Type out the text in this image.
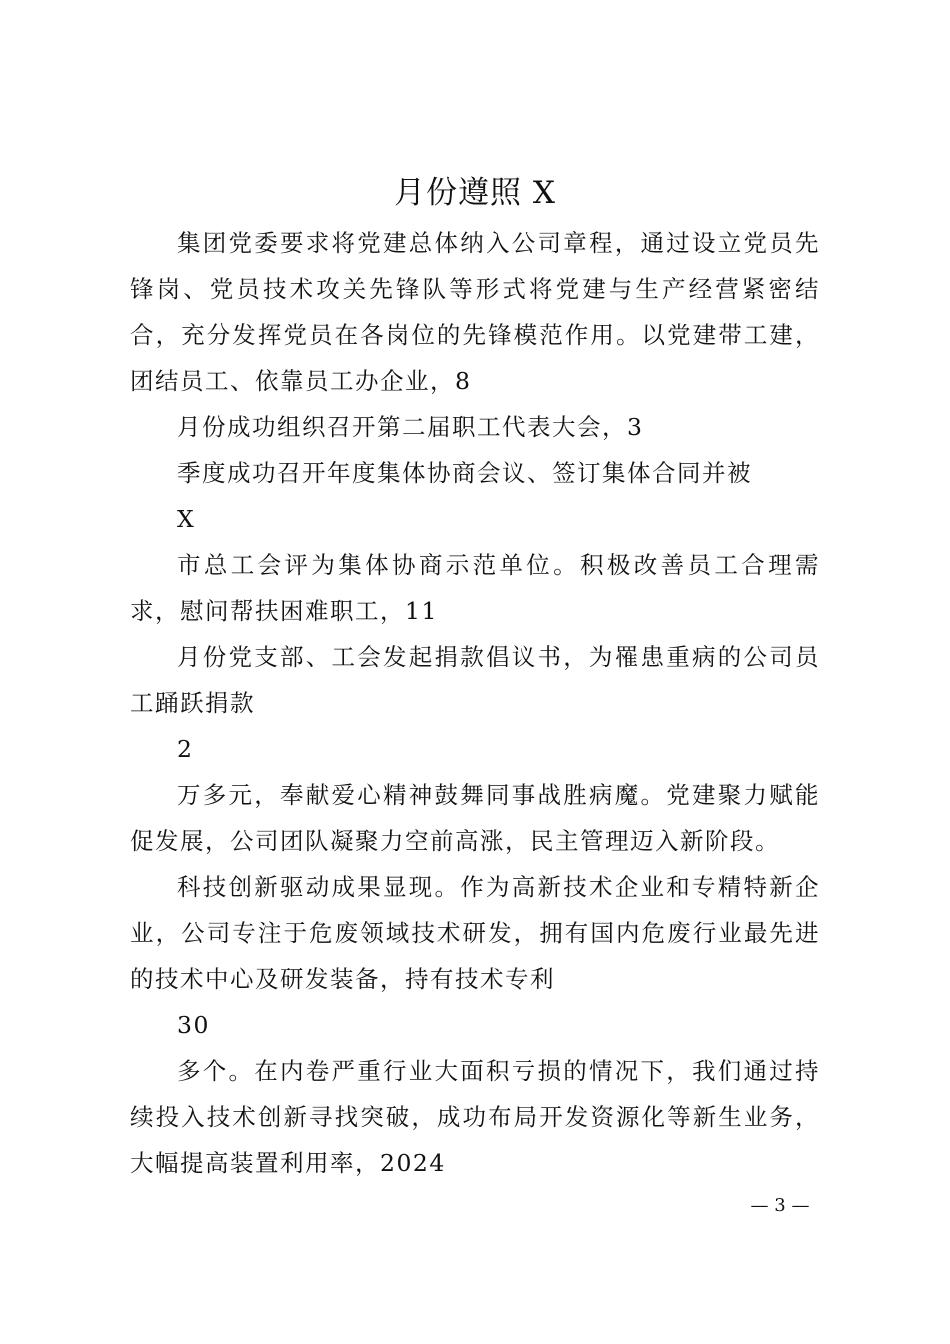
月份遵照 X

集团党委要求将党建总体纳入公司章程，通过设立党员先锋岗、党员技术攻关先锋队等形式将党建与生产经营紧密结合，充分发挥党员在各岗位的先锋模范作用。以党建带工建，团结员工、依靠员工办企业，8

月份成功组织召开第二届职工代表大会，3

季度成功召开年度集体协商会议、签订集体合同并被

X

市总工会评为集体协商示范单位。积极改善员工合理需求，慰问帮扶困难职工，11

月份党支部、工会发起捐款倡议书，为罹患重病的公司员工踊跃捐款

2

万多元，奉献爱心精神鼓舞同事战胜病魔。党建聚力赋能促发展，公司团队凝聚力空前高涨，民主管理迈入新阶段。

科技创新驱动成果显现。作为高新技术企业和专精特新企业，公司专注于危废领域技术研发，拥有国内危废行业最先进的技术中心及研发装备，持有技术专利

30

多个。在内卷严重行业大面积亏损的情况下，我们通过持续投入技术创新寻找突破，成功布局开发资源化等新生业务，大幅提高装置利用率，2024

— 3 —
